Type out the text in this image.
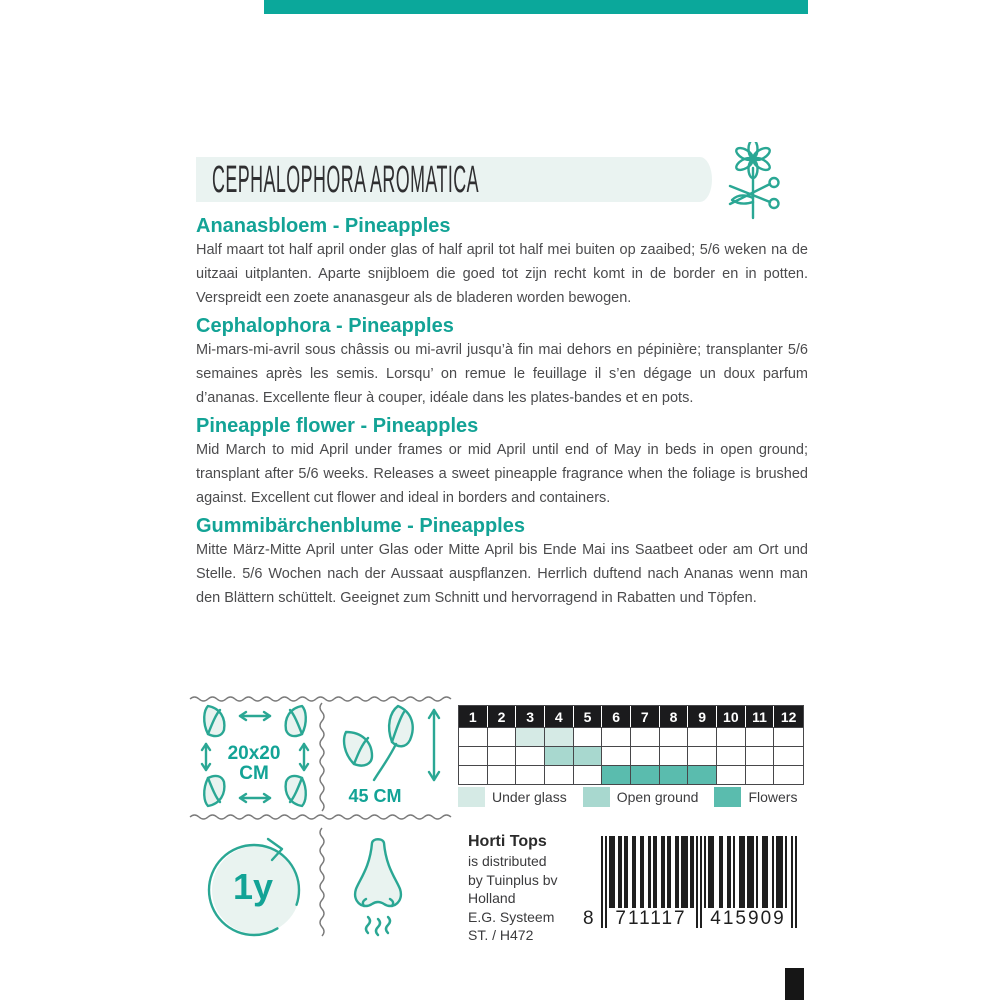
CEPHALOPHORA AROMATICA
Ananasbloem - Pineapples

Half maart tot half april onder glas of half april tot half mei buiten op zaaibed; 5/6 weken na de uitzaai uitplanten. Aparte snijbloem die goed tot zijn recht komt in de border en in potten. Verspreidt een zoete ananasgeur als de bladeren worden bewogen.

Cephalophora - Pineapples

Mi-mars-mi-avril sous châssis ou mi-avril jusqu’à fin mai dehors en pépinière; transplanter 5/6 semaines après les semis. Lorsqu’ on remue le feuillage il s’en dégage un doux parfum d’ananas. Excellente fleur à couper, idéale dans les plates-bandes et en pots.

Pineapple flower - Pineapples

Mid March to mid April under frames or mid April until end of May in beds in open ground; transplant after 5/6 weeks. Releases a sweet pineapple fragrance when the foliage is brushed against. Excellent cut flower and ideal in borders and containers.

Gummibärchenblume - Pineapples

Mitte März-Mitte April unter Glas oder Mitte April bis Ende Mai ins Saatbeet oder am Ort und Stelle. 5/6 Wochen nach der Aussaat auspflanzen. Herrlich duftend nach Ananas wenn man den Blättern schüttelt. Geeignet zum Schnitt und hervorragend in Rabatten und Töpfen.

20x20
CM
45 CM
1y
1	2	3	4	5	6	7	8	9	10 11 12
Under glass	Open ground	Flowers
Horti Tops
is distributed
by Tuinplus bv
Holland
E.G. Systeem
ST. / H472
8	711117	415909
